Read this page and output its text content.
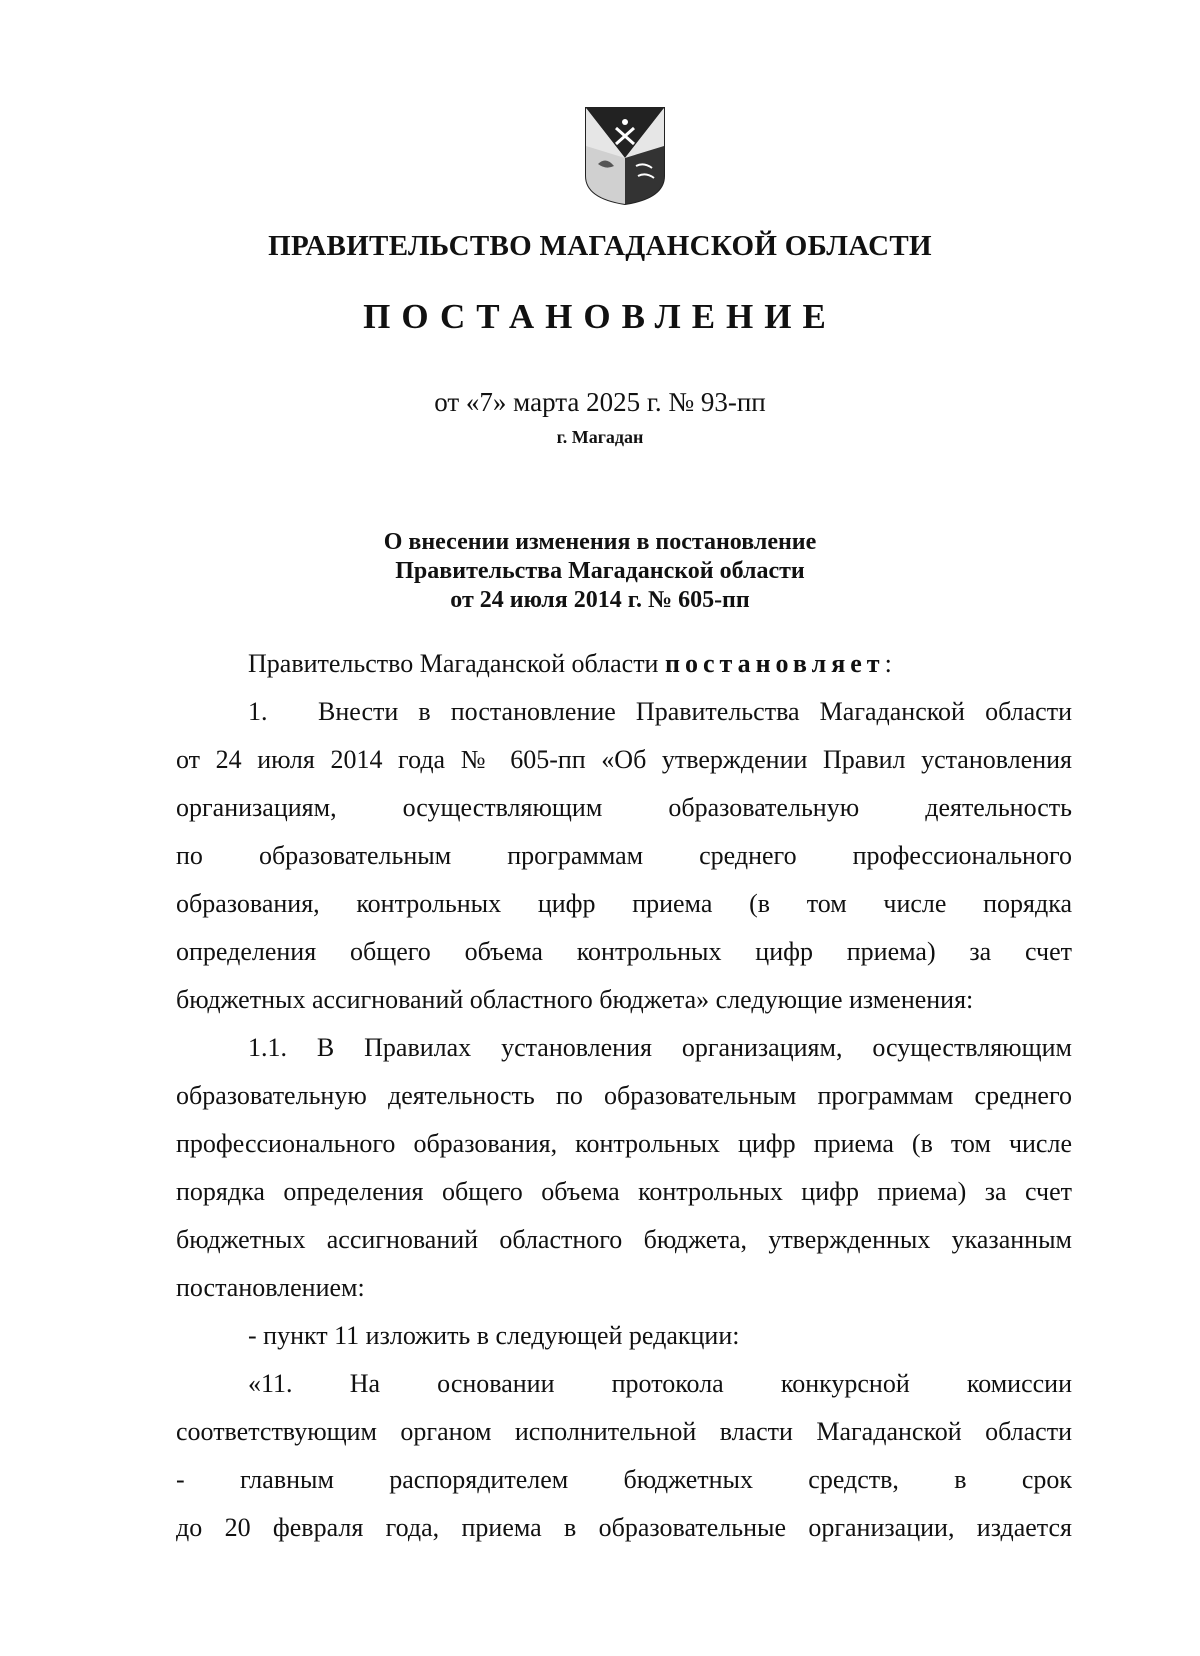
ПРАВИТЕЛЬСТВО МАГАДАНСКОЙ ОБЛАСТИ
ПОСТАНОВЛЕНИЕ
от «7» марта 2025 г. № 93-пп
г. Магадан
О внесении изменения в постановление
Правительства Магаданской области
от 24 июля 2014 г. № 605-пп
Правительство Магаданской области постановляет:
1. Внести в постановление Правительства Магаданской области
от 24 июля 2014 года № 605-пп «Об утверждении Правил установления
организациям, осуществляющим образовательную деятельность
по образовательным программам среднего профессионального
образования, контрольных цифр приема (в том числе порядка
определения общего объема контрольных цифр приема) за счет
бюджетных ассигнований областного бюджета» следующие изменения:
1.1. В Правилах установления организациям, осуществляющим
образовательную деятельность по образовательным программам среднего
профессионального образования, контрольных цифр приема (в том числе
порядка определения общего объема контрольных цифр приема) за счет
бюджетных ассигнований областного бюджета, утвержденных указанным
постановлением:
- пункт 11 изложить в следующей редакции:
«11. На основании протокола конкурсной комиссии
соответствующим органом исполнительной власти Магаданской области
- главным распорядителем бюджетных средств, в срок
до 20 февраля года, приема в образовательные организации, издается
